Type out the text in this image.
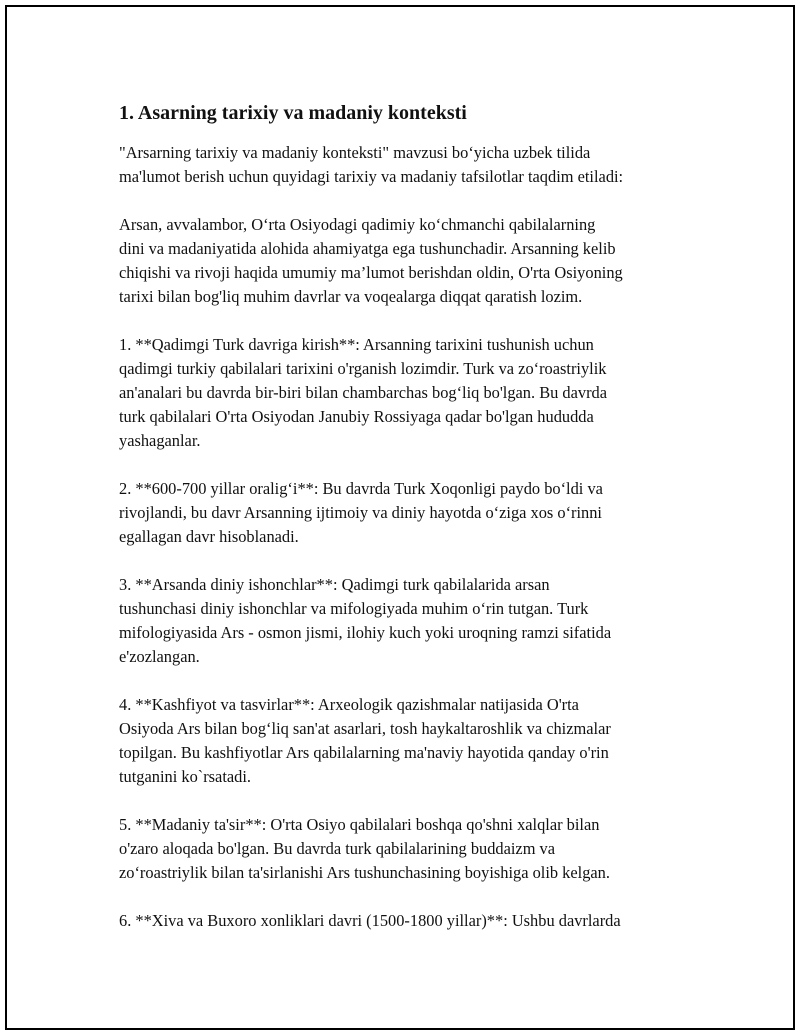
1. Asarning tarixiy va madaniy konteksti

"Arsarning tarixiy va madaniy konteksti" mavzusi bo‘yicha uzbek tilida
ma'lumot berish uchun quyidagi tarixiy va madaniy tafsilotlar taqdim etiladi:

Arsan, avvalambor, O‘rta Osiyodagi qadimiy ko‘chmanchi qabilalarning
dini va madaniyatida alohida ahamiyatga ega tushunchadir. Arsanning kelib
chiqishi va rivoji haqida umumiy ma’lumot berishdan oldin, O'rta Osiyoning
tarixi bilan bog'liq muhim davrlar va voqealarga diqqat qaratish lozim.

1. **Qadimgi Turk davriga kirish**: Arsanning tarixini tushunish uchun
qadimgi turkiy qabilalari tarixini o'rganish lozimdir. Turk va zo‘roastriylik
an'analari bu davrda bir-biri bilan chambarchas bog‘liq bo'lgan. Bu davrda
turk qabilalari O'rta Osiyodan Janubiy Rossiyaga qadar bo'lgan hududda
yashaganlar.

2. **600-700 yillar oralig‘i**: Bu davrda Turk Xoqonligi paydo bo‘ldi va
rivojlandi, bu davr Arsanning ijtimoiy va diniy hayotda o‘ziga xos o‘rinni
egallagan davr hisoblanadi.

3. **Arsanda diniy ishonchlar**: Qadimgi turk qabilalarida arsan
tushunchasi diniy ishonchlar va mifologiyada muhim o‘rin tutgan. Turk
mifologiyasida Ars - osmon jismi, ilohiy kuch yoki uroqning ramzi sifatida
e'zozlangan.

4. **Kashfiyot va tasvirlar**: Arxeologik qazishmalar natijasida O'rta
Osiyoda Ars bilan bog‘liq san'at asarlari, tosh haykaltaroshlik va chizmalar
topilgan. Bu kashfiyotlar Ars qabilalarning ma'naviy hayotida qanday o'rin
tutganini ko`rsatadi.

5. **Madaniy ta'sir**: O'rta Osiyo qabilalari boshqa qo'shni xalqlar bilan
o'zaro aloqada bo'lgan. Bu davrda turk qabilalarining buddaizm va
zo‘roastriylik bilan ta'sirlanishi Ars tushunchasining boyishiga olib kelgan.

6. **Xiva va Buxoro xonliklari davri (1500-1800 yillar)**: Ushbu davrlarda
